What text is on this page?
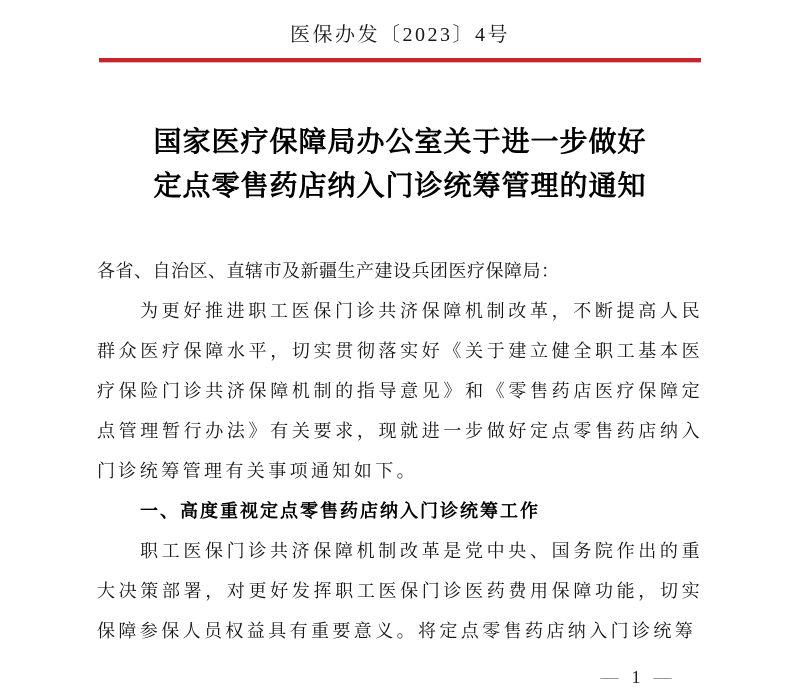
医保办发〔2023〕4号
国家医疗保障局办公室关于进一步做好
定点零售药店纳入门诊统筹管理的通知

各省、自治区、直辖市及新疆生产建设兵团医疗保障局：

为更好推进职工医保门诊共济保障机制改革，不断提高人民群众医疗保障水平，切实贯彻落实好《关于建立健全职工基本医疗保险门诊共济保障机制的指导意见》和《零售药店医疗保障定点管理暂行办法》有关要求，现就进一步做好定点零售药店纳入门诊统筹管理有关事项通知如下。

一、高度重视定点零售药店纳入门诊统筹工作

职工医保门诊共济保障机制改革是党中央、国务院作出的重大决策部署，对更好发挥职工医保门诊医药费用保障功能，切实保障参保人员权益具有重要意义。将定点零售药店纳入门诊统筹

— 1 —
